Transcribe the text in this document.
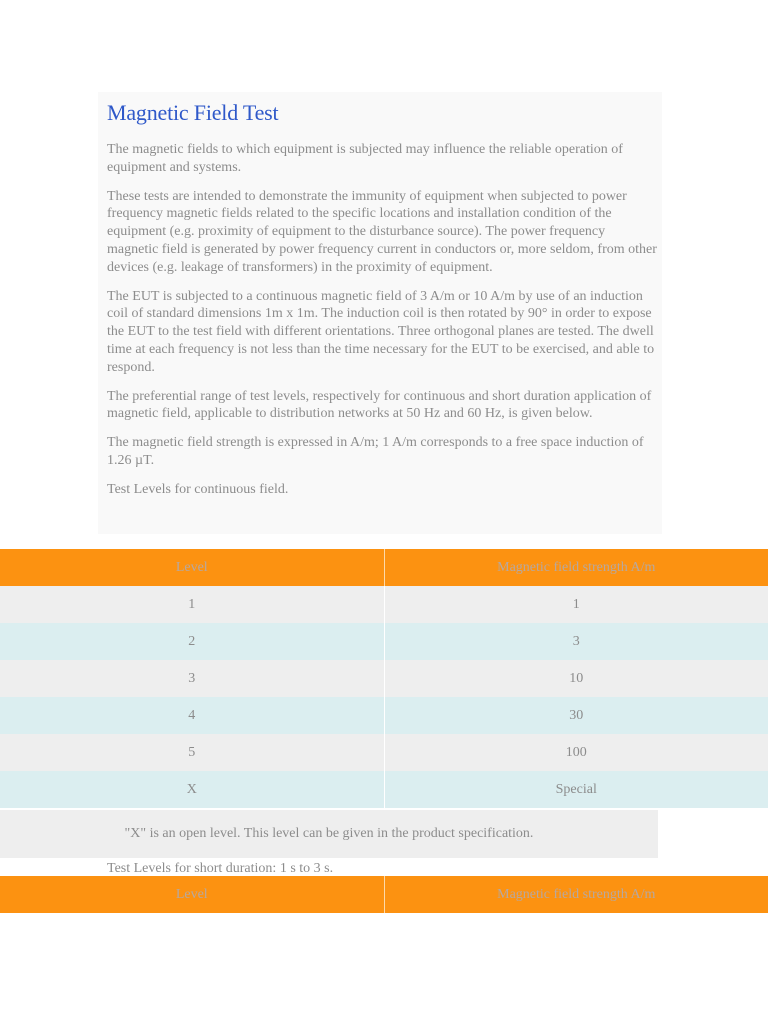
Magnetic Field Test

The magnetic fields to which equipment is subjected may influence the reliable operation of equipment and systems.

These tests are intended to demonstrate the immunity of equipment when subjected to power frequency magnetic fields related to the specific locations and installation condition of the equipment (e.g. proximity of equipment to the disturbance source). The power frequency magnetic field is generated by power frequency current in conductors or, more seldom, from other devices (e.g. leakage of transformers) in the proximity of equipment.

The EUT is subjected to a continuous magnetic field of 3 A/m or 10 A/m by use of an induction coil of standard dimensions 1m x 1m. The induction coil is then rotated by 90° in order to expose the EUT to the test field with different orientations. Three orthogonal planes are tested. The dwell time at each frequency is not less than the time necessary for the EUT to be exercised, and able to respond.

The preferential range of test levels, respectively for continuous and short duration application of magnetic field, applicable to distribution networks at 50 Hz and 60 Hz, is given below.

The magnetic field strength is expressed in A/m; 1 A/m corresponds to a free space induction of 1.26 µT.

Test Levels for continuous field.

Level	Magnetic field strength A/m
1	1
2	3
3	10
4	30
5	100
X	Special
"X" is an open level. This level can be given in the product specification.
Test Levels for short duration: 1 s to 3 s.
Level	Magnetic field strength A/m
